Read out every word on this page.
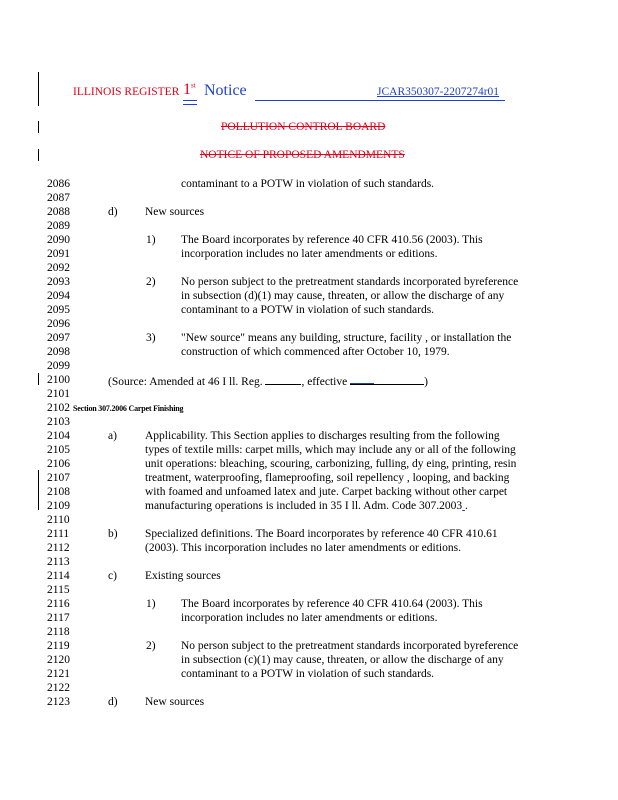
ILLINOIS REGISTER 1st Notice	JCAR350307-2207274r01
POLLUTION CONTROL BOARD
NOTICE OF PROPOSED AMENDMENTS
2086	contaminant to a POTW in violation of such standards.
2087
2088	d) New sources
2089
2090	1) The Board incorporates by reference 40 CFR 410.56 (2003). This
2091	incorporation includes no later amendments or editions.
2092
2093	2) No person subject to the pretreatment standards incorporated byreference
2094	in subsection (d)(1) may cause, threaten, or allow the discharge of any
2095	contaminant to a POTW in violation of such standards.
2096
2097	3) "New source" means any building, structure, facility , or installation the
2098	construction of which commenced after October 10, 1979.
2099
2100	(Source: Amended at 46 I ll. Reg.	, effective	)
2101
2102 Section 307.2006 Carpet Finishing
2103
2104	a) Applicability. This Section applies to discharges resulting from the following
2105	types of textile mills: carpet mills, which may include any or all of the following
2106	unit operations: bleaching, scouring, carbonizing, fulling, dy eing, printing, resin
2107	treatment, waterproofing, flameproofing, soil repellency , looping, and backing
2108	with foamed and unfoamed latex and jute. Carpet backing without other carpet
2109	manufacturing operations is included in 35 I ll. Adm. Code 307.2003 .
2110
2111	b) Specialized definitions. The Board incorporates by reference 40 CFR 410.61
2112	(2003). This incorporation includes no later amendments or editions.
2113
2114	c) Existing sources
2115
2116	1) The Board incorporates by reference 40 CFR 410.64 (2003). This
2117	incorporation includes no later amendments or editions.
2118
2119	2) No person subject to the pretreatment standards incorporated byreference
2120	in subsection (c)(1) may cause, threaten, or allow the discharge of any
2121	contaminant to a POTW in violation of such standards.
2122
2123	d) New sources
